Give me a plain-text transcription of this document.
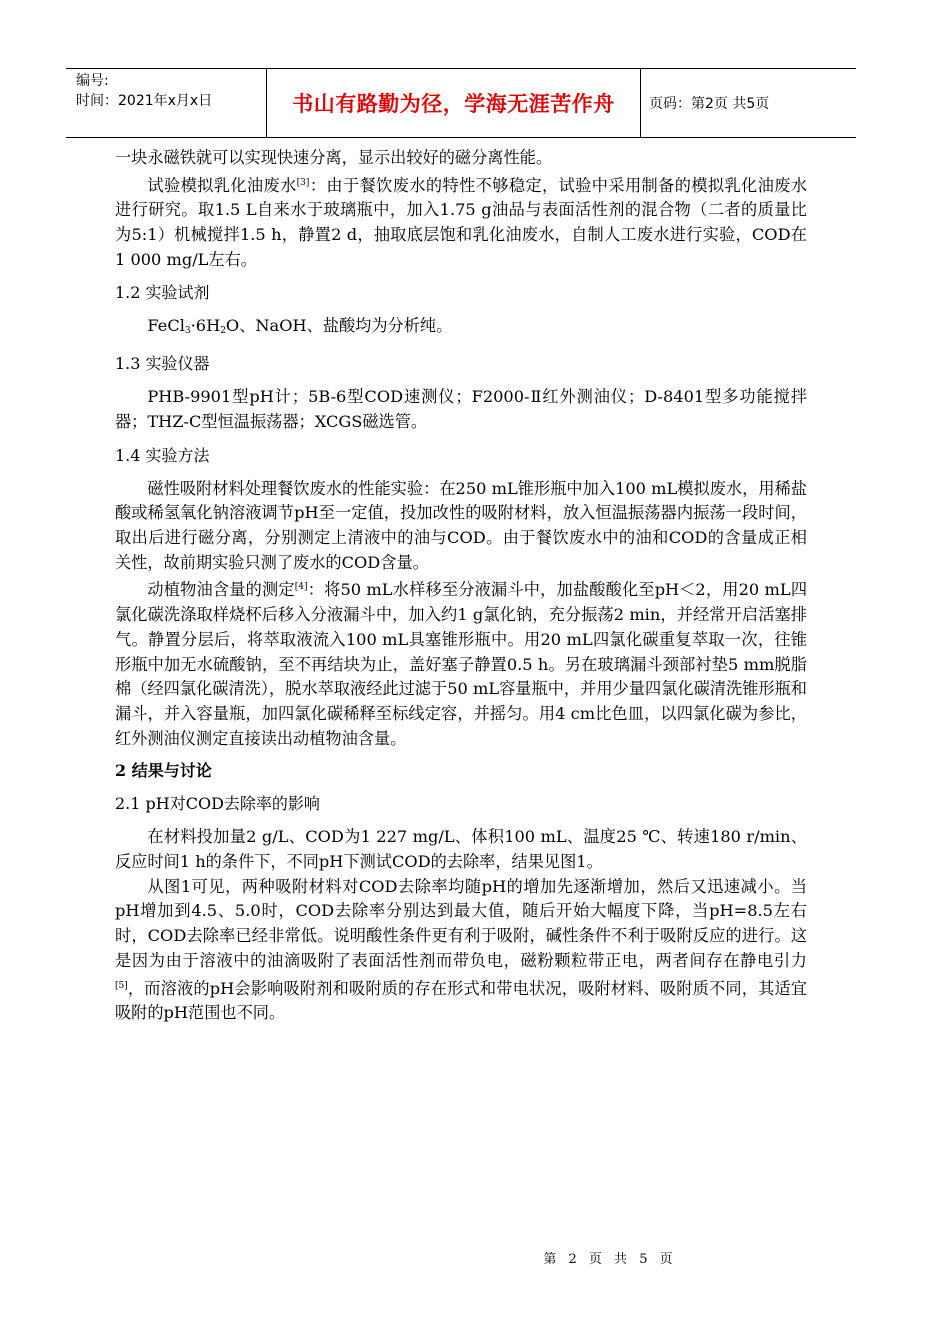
编号:
时间：2021年x月x日	书山有路勤为径，学海无涯苦作舟	页码：第2页 共5页

一块永磁铁就可以实现快速分离，显示出较好的磁分离性能。

试验模拟乳化油废水[3]：由于餐饮废水的特性不够稳定，试验中采用制备的模拟乳化油废水进行研究。取1.5 L自来水于玻璃瓶中，加入1.75 g油品与表面活性剂的混合物（二者的质量比为5:1）机械搅拌1.5 h，静置2 d，抽取底层饱和乳化油废水，自制人工废水进行实验，COD在1 000 mg/L左右。

1.2 实验试剂

$FeCl_3\cdot 6H_2O$、NaOH、盐酸均为分析纯。

1.3 实验仪器

PHB-9901型pH计；5B-6型COD速测仪；F2000-Ⅱ红外测油仪；D-8401型多功能搅拌器；THZ-C型恒温振荡器；XCGS磁选管。

1.4 实验方法

磁性吸附材料处理餐饮废水的性能实验：在250 mL锥形瓶中加入100 mL模拟废水，用稀盐酸或稀氢氧化钠溶液调节pH至一定值，投加改性的吸附材料，放入恒温振荡器内振荡一段时间，取出后进行磁分离，分别测定上清液中的油与COD。由于餐饮废水中的油和COD的含量成正相关性，故前期实验只测了废水的COD含量。

动植物油含量的测定[4]：将50 mL水样移至分液漏斗中，加盐酸酸化至pH＜2，用20 mL四氯化碳洗涤取样烧杯后移入分液漏斗中，加入约1 g氯化钠，充分振荡2 min，并经常开启活塞排气。静置分层后，将萃取液流入100 mL具塞锥形瓶中。用20 mL四氯化碳重复萃取一次，往锥形瓶中加无水硫酸钠，至不再结块为止，盖好塞子静置0.5 h。另在玻璃漏斗颈部衬垫5 mm脱脂棉（经四氯化碳清洗），脱水萃取液经此过滤于50 mL容量瓶中，并用少量四氯化碳清洗锥形瓶和漏斗，并入容量瓶，加四氯化碳稀释至标线定容，并摇匀。用4 cm比色皿，以四氯化碳为参比，红外测油仪测定直接读出动植物油含量。

2 结果与讨论

2.1 pH对COD去除率的影响

在材料投加量2 g/L、COD为1 227 mg/L、体积100 mL、温度25 ℃、转速180 r/min、反应时间1 h的条件下，不同pH下测试COD的去除率，结果见图1。

从图1可见，两种吸附材料对COD去除率均随pH的增加先逐渐增加，然后又迅速减小。当pH增加到4.5、5.0时，COD去除率分别达到最大值，随后开始大幅度下降，当pH=8.5左右时，COD去除率已经非常低。说明酸性条件更有利于吸附，碱性条件不利于吸附反应的进行。这是因为由于溶液中的油滴吸附了表面活性剂而带负电，磁粉颗粒带正电，两者间存在静电引力[5]，而溶液的pH会影响吸附剂和吸附质的存在形式和带电状况，吸附材料、吸附质不同，其适宜吸附的pH范围也不同。

第 2 页 共 5 页
